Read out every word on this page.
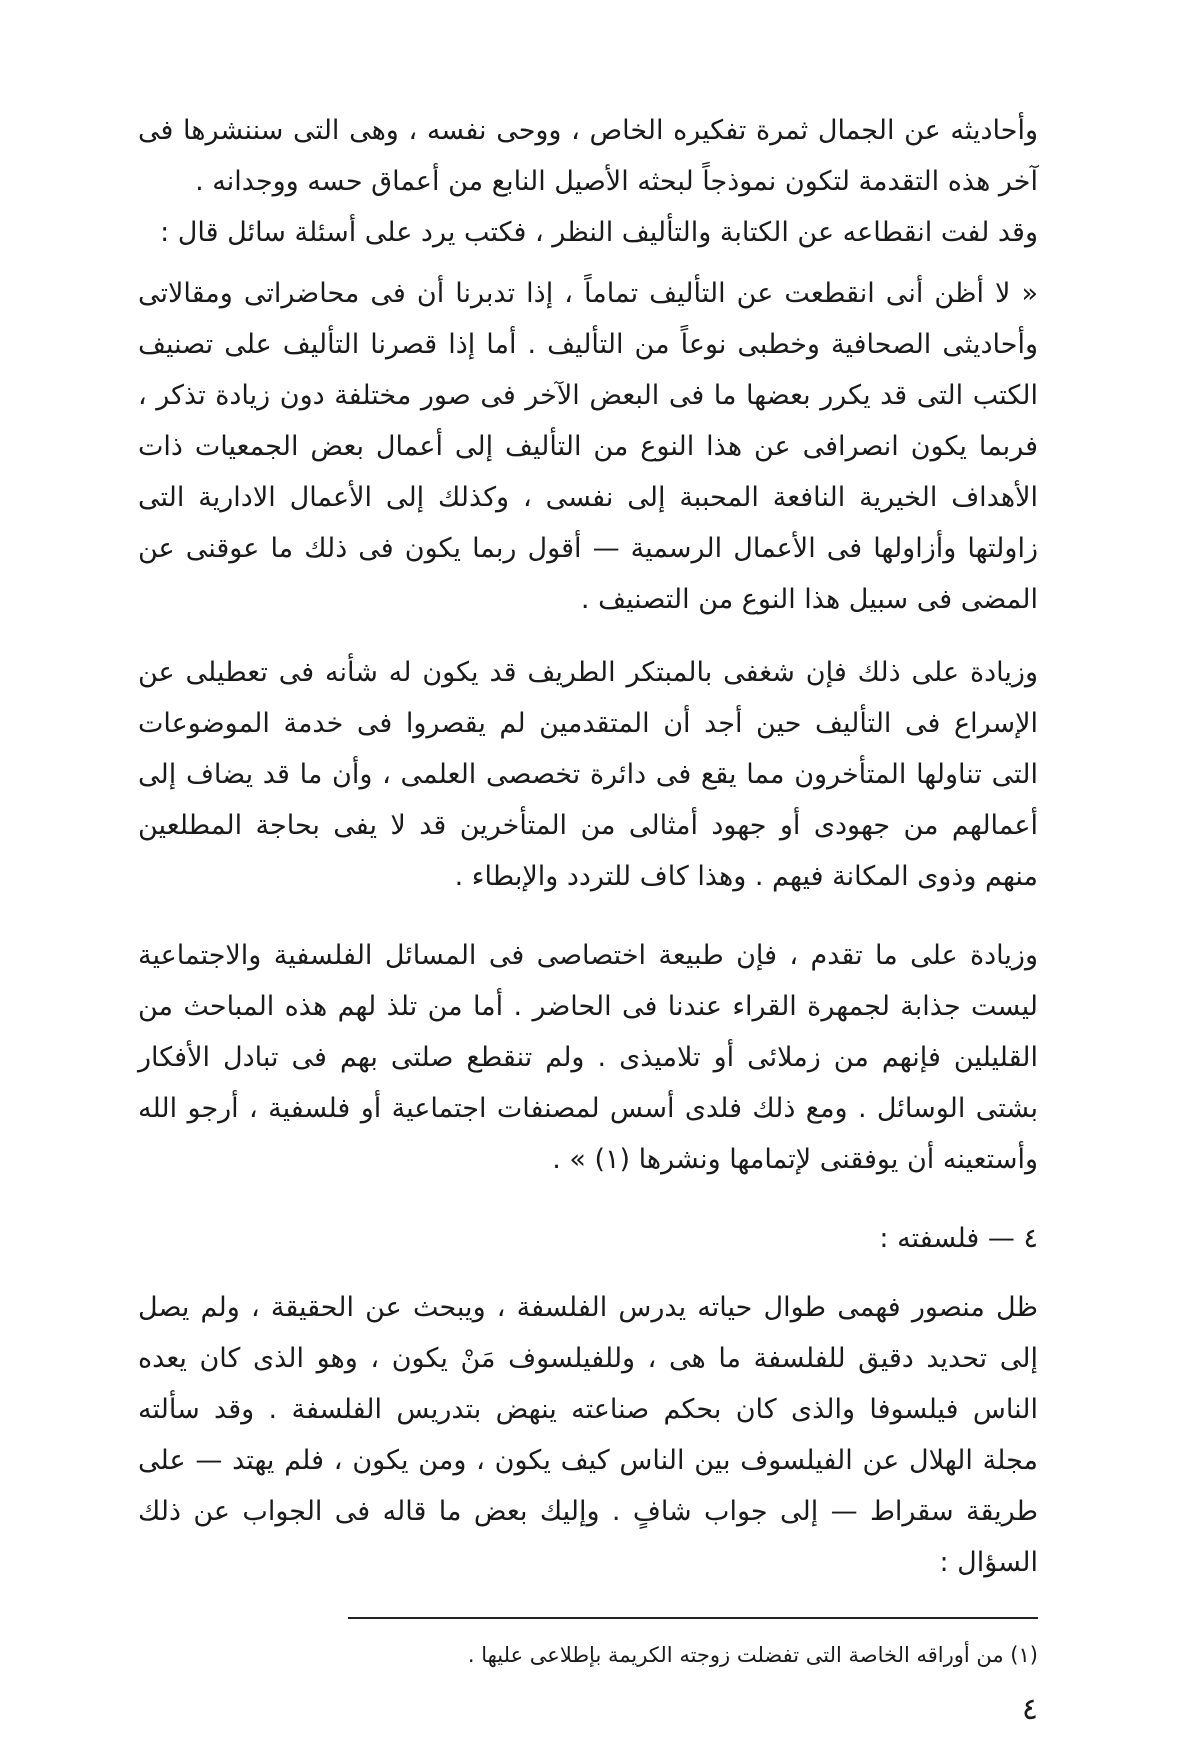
وأحاديثه عن الجمال ثمرة تفكيره الخاص ، ووحى نفسه ، وهى التى سننشرها فى آخر هذه التقدمة لتكون نموذجاً لبحثه الأصيل النابع من أعماق حسه ووجدانه .

وقد لفت انقطاعه عن الكتابة والتأليف النظر ، فكتب يرد على أسئلة سائل قال :

« لا أظن أنى انقطعت عن التأليف تماماً ، إذا تدبرنا أن فى محاضراتى ومقالاتى وأحاديثى الصحافية وخطبى نوعاً من التأليف . أما إذا قصرنا التأليف على تصنيف الكتب التى قد يكرر بعضها ما فى البعض الآخر فى صور مختلفة دون زيادة تذكر ، فربما يكون انصرافى عن هذا النوع من التأليف إلى أعمال بعض الجمعيات ذات الأهداف الخيرية النافعة المحببة إلى نفسى ، وكذلك إلى الأعمال الادارية التى زاولتها وأزاولها فى الأعمال الرسمية — أقول ربما يكون فى ذلك ما عوقنى عن المضى فى سبيل هذا النوع من التصنيف .

وزيادة على ذلك فإن شغفى بالمبتكر الطريف قد يكون له شأنه فى تعطيلى عن الإسراع فى التأليف حين أجد أن المتقدمين لم يقصروا فى خدمة الموضوعات التى تناولها المتأخرون مما يقع فى دائرة تخصصى العلمى ، وأن ما قد يضاف إلى أعمالهم من جهودى أو جهود أمثالى من المتأخرين قد لا يفى بحاجة المطلعين منهم وذوى المكانة فيهم . وهذا كاف للتردد والإبطاء .

وزيادة على ما تقدم ، فإن طبيعة اختصاصى فى المسائل الفلسفية والاجتماعية ليست جذابة لجمهرة القراء عندنا فى الحاضر . أما من تلذ لهم هذه المباحث من القليلين فإنهم من زملائى أو تلاميذى . ولم تنقطع صلتى بهم فى تبادل الأفكار بشتى الوسائل . ومع ذلك فلدى أسس لمصنفات اجتماعية أو فلسفية ، أرجو الله وأستعينه أن يوفقنى لإتمامها ونشرها (١) » .

٤ — فلسفته :

ظل منصور فهمى طوال حياته يدرس الفلسفة ، ويبحث عن الحقيقة ، ولم يصل إلى تحديد دقيق للفلسفة ما هى ، وللفيلسوف مَنْ يكون ، وهو الذى كان يعده الناس فيلسوفا والذى كان بحكم صناعته ينهض بتدريس الفلسفة . وقد سألته مجلة الهلال عن الفيلسوف بين الناس كيف يكون ، ومن يكون ، فلم يهتد — على طريقة سقراط — إلى جواب شافٍ . وإليك بعض ما قاله فى الجواب عن ذلك السؤال :

(١) من أوراقه الخاصة التى تفضلت زوجته الكريمة بإطلاعى عليها .

٤
